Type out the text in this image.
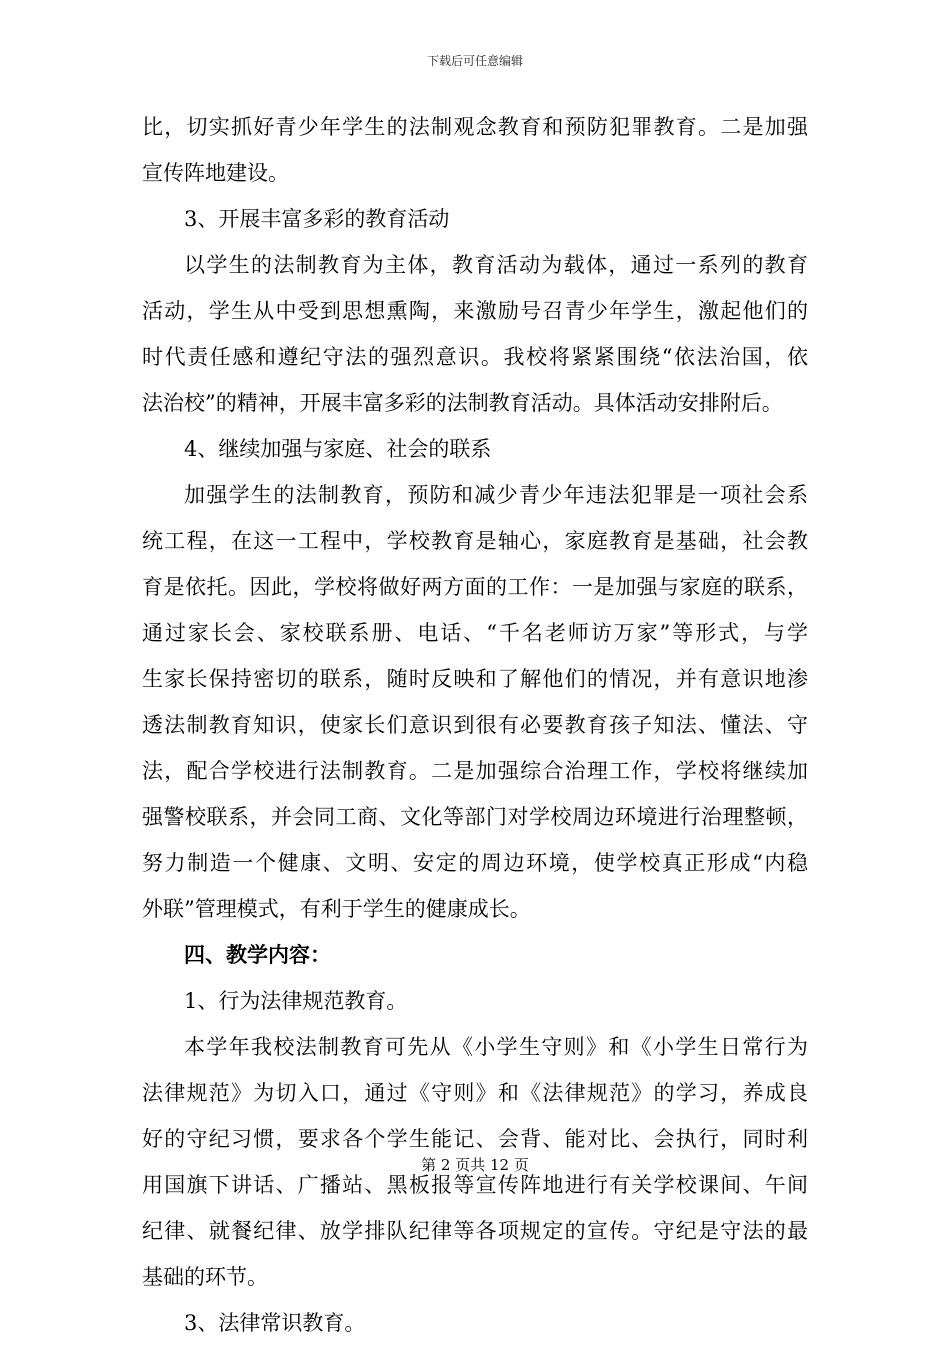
下载后可任意编辑
比，切实抓好青少年学生的法制观念教育和预防犯罪教育。二是加强
宣传阵地建设。
3、开展丰富多彩的教育活动
以学生的法制教育为主体，教育活动为载体，通过一系列的教育
活动，学生从中受到思想熏陶，来激励号召青少年学生，激起他们的
时代责任感和遵纪守法的强烈意识。我校将紧紧围绕“依法治国，依
法治校”的精神，开展丰富多彩的法制教育活动。具体活动安排附后。
4、继续加强与家庭、社会的联系
加强学生的法制教育，预防和减少青少年违法犯罪是一项社会系
统工程，在这一工程中，学校教育是轴心，家庭教育是基础，社会教
育是依托。因此，学校将做好两方面的工作：一是加强与家庭的联系，
通过家长会、家校联系册、电话、“千名老师访万家”等形式，与学
生家长保持密切的联系，随时反映和了解他们的情况，并有意识地渗
透法制教育知识，使家长们意识到很有必要教育孩子知法、懂法、守
法，配合学校进行法制教育。二是加强综合治理工作，学校将继续加
强警校联系，并会同工商、文化等部门对学校周边环境进行治理整顿，
努力制造一个健康、文明、安定的周边环境，使学校真正形成“内稳
外联”管理模式，有利于学生的健康成长。
四、教学内容：
1、行为法律规范教育。
本学年我校法制教育可先从《小学生守则》和《小学生日常行为
法律规范》为切入口，通过《守则》和《法律规范》的学习，养成良
好的守纪习惯，要求各个学生能记、会背、能对比、会执行，同时利
用国旗下讲话、广播站、黑板报等宣传阵地进行有关学校课间、午间
纪律、就餐纪律、放学排队纪律等各项规定的宣传。守纪是守法的最
基础的环节。
3、法律常识教育。
第 2 页共 12 页
